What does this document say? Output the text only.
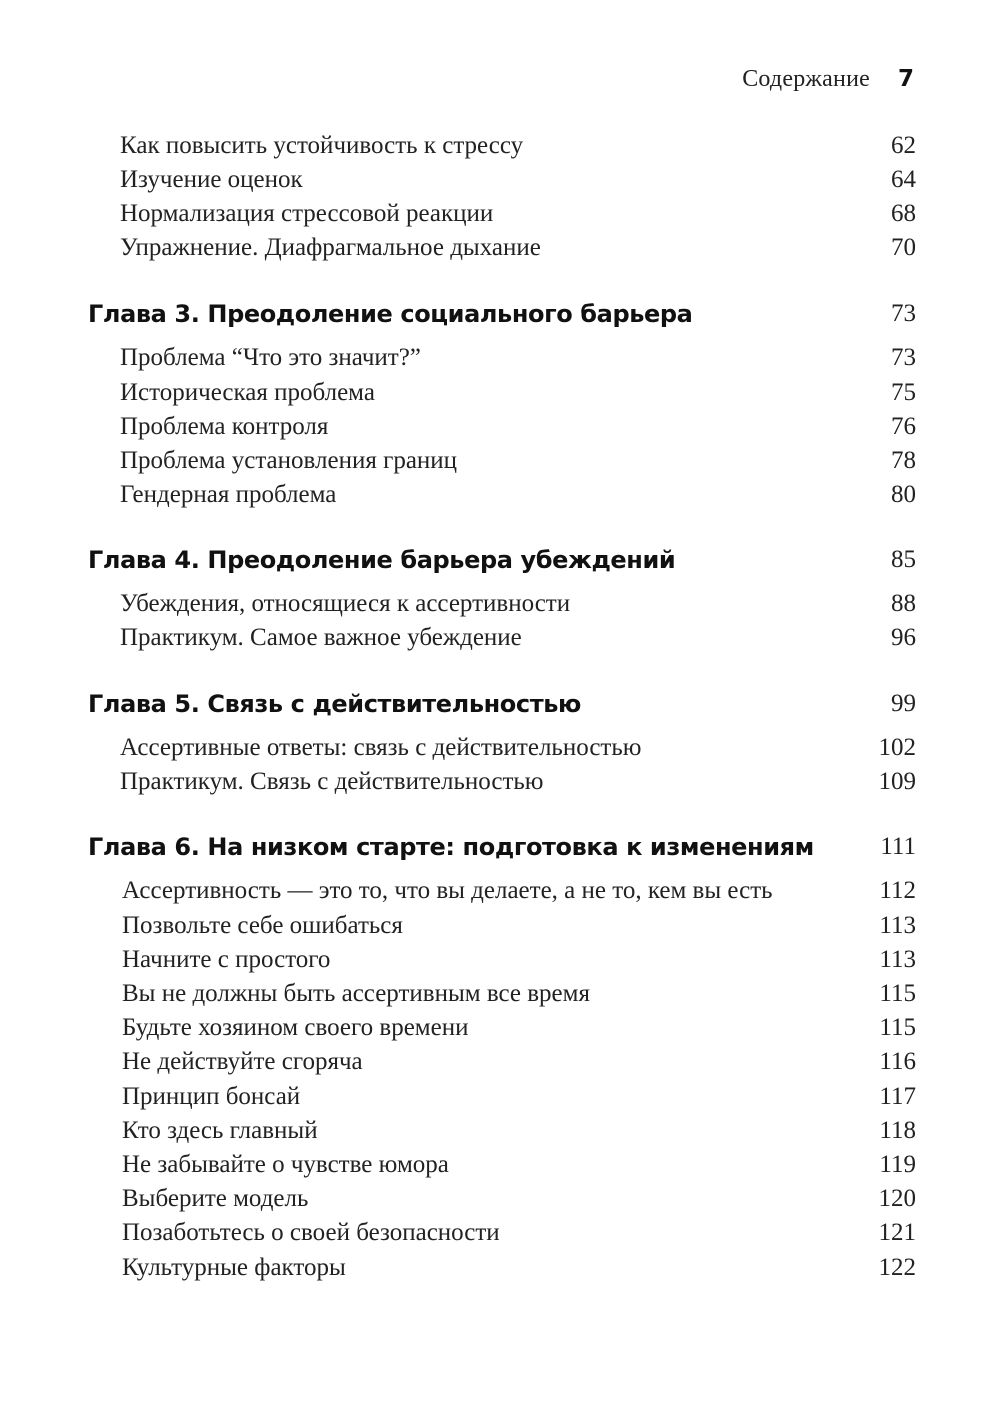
Содержание 7
Как повысить устойчивость к стрессу	62
Изучение оценок	64
Нормализация стрессовой реакции	68
Упражнение. Диафрагмальное дыхание	70
Глава 3. Преодоление социального барьера	73
Проблема “Что это значит?”	73
Историческая проблема	75
Проблема контроля	76
Проблема установления границ	78
Гендерная проблема	80
Глава 4. Преодоление барьера убеждений	85
Убеждения, относящиеся к ассертивности	88
Практикум. Самое важное убеждение	96
Глава 5. Связь с действительностью	99
Ассертивные ответы: связь с действительностью	102
Практикум. Связь с действительностью	109
Глава 6. На низком старте: подготовка к изменениям	111
Ассертивность — это то, что вы делаете, а не то, кем вы есть	112
Позвольте себе ошибаться	113
Начните с простого	113
Вы не должны быть ассертивным все время	115
Будьте хозяином своего времени	115
Не действуйте сгоряча	116
Принцип бонсай	117
Кто здесь главный	118
Не забывайте о чувстве юмора	119
Выберите модель	120
Позаботьтесь о своей безопасности	121
Культурные факторы	122
